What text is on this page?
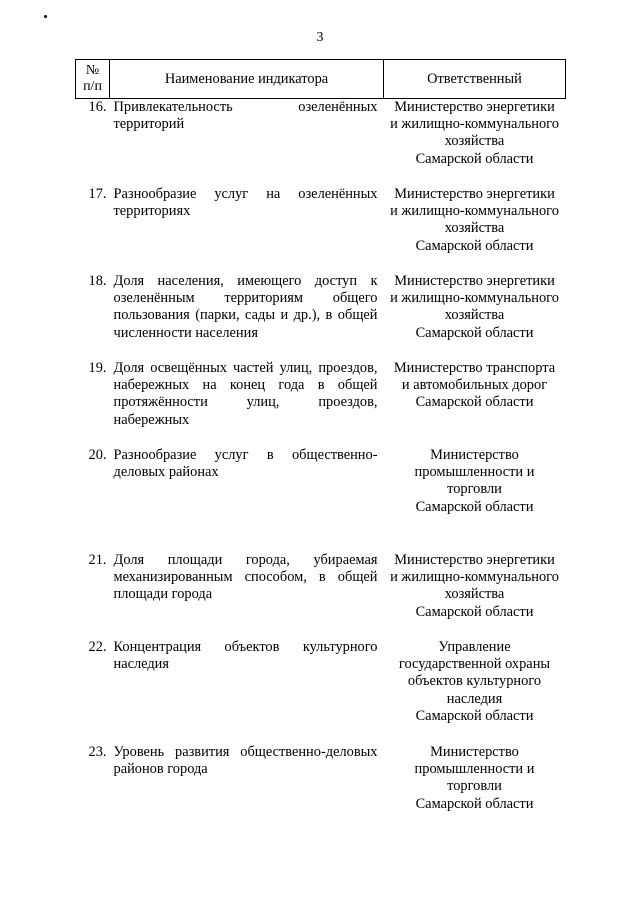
3
№
п/п	Наименование индикатора	Ответственный
16.	Привлекательность озеленённых территорий	Министерство энергетики
и жилищно-коммунального
хозяйства
Самарской области
17.	Разнообразие услуг на озеленённых территориях	Министерство энергетики
и жилищно-коммунального
хозяйства
Самарской области
18.	Доля населения, имеющего доступ к озеленённым территориям общего пользования (парки, сады и др.), в общей численности населения	Министерство энергетики
и жилищно-коммунального
хозяйства
Самарской области
19.	Доля освещённых частей улиц, проездов, набережных на конец года в общей протяжённости улиц, проездов, набережных	Министерство транспорта
и автомобильных дорог
Самарской области
20.	Разнообразие услуг в общественно-деловых районах	Министерство
промышленности и
торговли
Самарской области
21.	Доля площади города, убираемая механизированным способом, в общей площади города	Министерство энергетики
и жилищно-коммунального
хозяйства
Самарской области
22.	Концентрация объектов культурного наследия	Управление
государственной охраны
объектов культурного
наследия
Самарской области
23.	Уровень развития общественно-деловых районов города	Министерство
промышленности и
торговли
Самарской области
